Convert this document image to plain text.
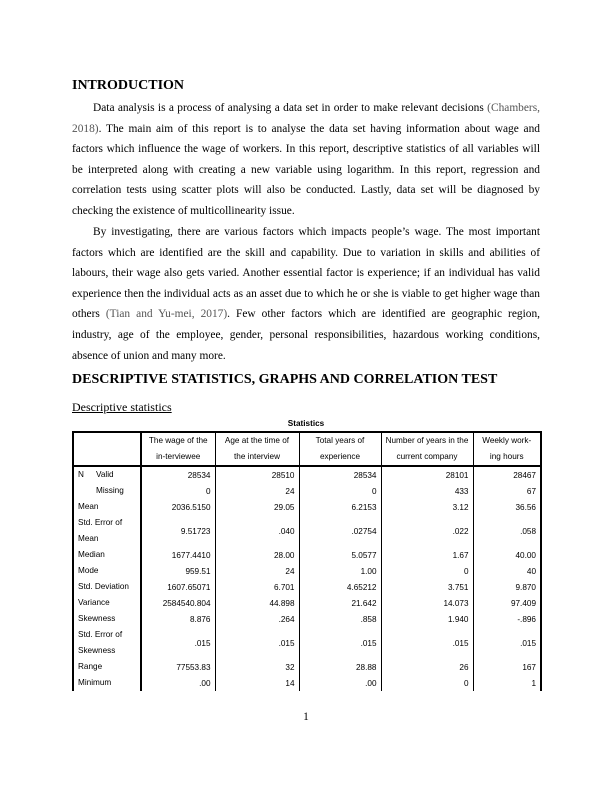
INTRODUCTION
Data analysis is a process of analysing a data set in order to make relevant decisions (Chambers, 2018). The main aim of this report is to analyse the data set having information about wage and factors which influence the wage of workers. In this report, descriptive statistics of all variables will be interpreted along with creating a new variable using logarithm. In this report, regression and correlation tests using scatter plots will also be conducted. Lastly, data set will be diagnosed by checking the existence of multicollinearity issue.
By investigating, there are various factors which impacts people’s wage. The most important factors which are identified are the skill and capability. Due to variation in skills and abilities of labours, their wage also gets varied. Another essential factor is experience; if an individual has valid experience then the individual acts as an asset due to which he or she is viable to get higher wage than others (Tian and Yu-mei, 2017). Few other factors which are identified are geographic region, industry, age of the employee, gender, personal responsibilities, hazardous working conditions, absence of union and many more.
DESCRIPTIVE STATISTICS, GRAPHS AND CORRELATION TEST
Descriptive statistics
Statistics
	The wage of the in-terviewee	Age at the time of the interview	Total years of experience	Number of years in the current company	Weekly work-ing hours
N Valid	28534	28510	28534	28101	28467
Missing	0	24	0	433	67
Mean	2036.5150	29.05	6.2153	3.12	36.56
Std. Error of Mean	9.51723	.040	.02754	.022	.058
Median	1677.4410	28.00	5.0577	1.67	40.00
Mode	959.51	24	1.00	0	40
Std. Deviation	1607.65071	6.701	4.65212	3.751	9.870
Variance	2584540.804	44.898	21.642	14.073	97.409
Skewness	8.876	.264	.858	1.940	-.896
Std. Error of Skewness	.015	.015	.015	.015	.015
Range	77553.83	32	28.88	26	167
Minimum	.00	14	.00	0	1
1
